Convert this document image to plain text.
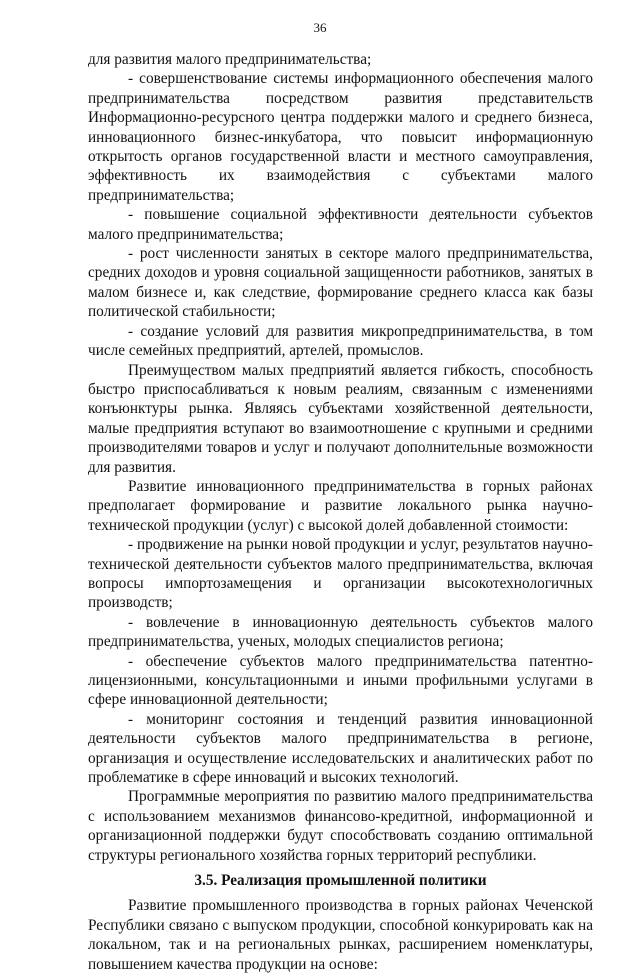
36

для развития малого предпринимательства;

- совершенствование системы информационного обеспечения малого предпринимательства посредством развития представительств Информационно-ресурсного центра поддержки малого и среднего бизнеса, инновационного бизнес-инкубатора, что повысит информационную открытость органов государственной власти и местного самоуправления, эффективность их взаимодействия с субъектами малого предпринимательства;

- повышение социальной эффективности деятельности субъектов малого предпринимательства;

- рост численности занятых в секторе малого предпринимательства, средних доходов и уровня социальной защищенности работников, занятых в малом бизнесе и, как следствие, формирование среднего класса как базы политической стабильности;

- создание условий для развития микропредпринимательства, в том числе семейных предприятий, артелей, промыслов.

Преимуществом малых предприятий является гибкость, способность быстро приспосабливаться к новым реалиям, связанным с изменениями конъюнктуры рынка. Являясь субъектами хозяйственной деятельности, малые предприятия вступают во взаимоотношение с крупными и средними производителями товаров и услуг и получают дополнительные возможности для развития.

Развитие инновационного предпринимательства в горных районах предполагает формирование и развитие локального рынка научно-технической продукции (услуг) с высокой долей добавленной стоимости:

- продвижение на рынки новой продукции и услуг, результатов научно-технической деятельности субъектов малого предпринимательства, включая вопросы импортозамещения и организации высокотехнологичных производств;

- вовлечение в инновационную деятельность субъектов малого предпринимательства, ученых, молодых специалистов региона;

- обеспечение субъектов малого предпринимательства патентно-лицензионными, консультационными и иными профильными услугами в сфере инновационной деятельности;

- мониторинг состояния и тенденций развития инновационной деятельности субъектов малого предпринимательства в регионе, организация и осуществление исследовательских и аналитических работ по проблематике в сфере инноваций и высоких технологий.

Программные мероприятия по развитию малого предпринимательства с использованием механизмов финансово-кредитной, информационной и организационной поддержки будут способствовать созданию оптимальной структуры регионального хозяйства горных территорий республики.

3.5. Реализация промышленной политики

Развитие промышленного производства в горных районах Чеченской Республики связано с выпуском продукции, способной конкурировать как на локальном, так и на региональных рынках, расширением номенклатуры, повышением качества продукции на основе:
